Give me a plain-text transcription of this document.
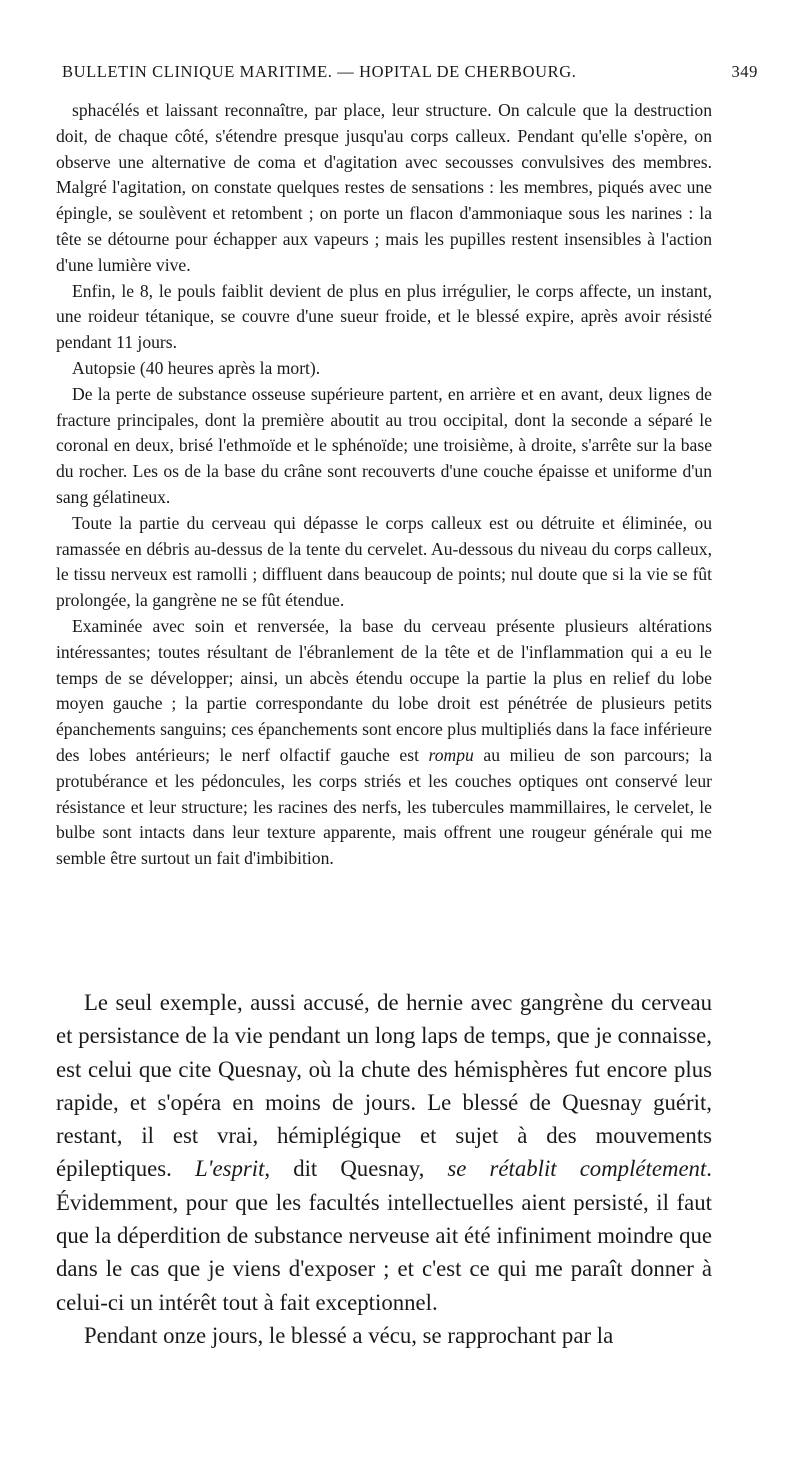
BULLETIN CLINIQUE MARITIME. — HOPITAL DE CHERBOURG.	349

sphacélés et laissant reconnaître, par place, leur structure. On calcule que la destruction doit, de chaque côté, s'étendre presque jusqu'au corps calleux. Pendant qu'elle s'opère, on observe une alternative de coma et d'agitation avec secousses convulsives des membres. Malgré l'agitation, on constate quelques restes de sensations : les membres, piqués avec une épingle, se soulèvent et retombent ; on porte un flacon d'ammoniaque sous les narines : la tête se détourne pour échapper aux vapeurs ; mais les pupilles restent insensibles à l'action d'une lumière vive.

Enfin, le 8, le pouls faiblit devient de plus en plus irrégulier, le corps affecte, un instant, une roideur tétanique, se couvre d'une sueur froide, et le blessé expire, après avoir résisté pendant 11 jours.

Autopsie (40 heures après la mort).

De la perte de substance osseuse supérieure partent, en arrière et en avant, deux lignes de fracture principales, dont la première aboutit au trou occipital, dont la seconde a séparé le coronal en deux, brisé l'ethmoïde et le sphénoïde; une troisième, à droite, s'arrête sur la base du rocher. Les os de la base du crâne sont recouverts d'une couche épaisse et uniforme d'un sang gélatineux.

Toute la partie du cerveau qui dépasse le corps calleux est ou détruite et éliminée, ou ramassée en débris au-dessus de la tente du cervelet. Au-dessous du niveau du corps calleux, le tissu nerveux est ramolli ; diffluent dans beaucoup de points; nul doute que si la vie se fût prolongée, la gangrène ne se fût étendue.

Examinée avec soin et renversée, la base du cerveau présente plusieurs altérations intéressantes; toutes résultant de l'ébranlement de la tête et de l'inflammation qui a eu le temps de se développer; ainsi, un abcès étendu occupe la partie la plus en relief du lobe moyen gauche ; la partie correspondante du lobe droit est pénétrée de plusieurs petits épanchements sanguins; ces épanchements sont encore plus multipliés dans la face inférieure des lobes antérieurs; le nerf olfactif gauche est rompu au milieu de son parcours; la protubérance et les pédoncules, les corps striés et les couches optiques ont conservé leur résistance et leur structure; les racines des nerfs, les tubercules mammillaires, le cervelet, le bulbe sont intacts dans leur texture apparente, mais offrent une rougeur générale qui me semble être surtout un fait d'imbibition.

Le seul exemple, aussi accusé, de hernie avec gangrène du cerveau et persistance de la vie pendant un long laps de temps, que je connaisse, est celui que cite Quesnay, où la chute des hémisphères fut encore plus rapide, et s'opéra en moins de jours. Le blessé de Quesnay guérit, restant, il est vrai, hémiplégique et sujet à des mouvements épileptiques. L'esprit, dit Quesnay, se rétablit complétement. Évidemment, pour que les facultés intellectuelles aient persisté, il faut que la déperdition de substance nerveuse ait été infiniment moindre que dans le cas que je viens d'exposer ; et c'est ce qui me paraît donner à celui-ci un intérêt tout à fait exceptionnel.

Pendant onze jours, le blessé a vécu, se rapprochant par la
